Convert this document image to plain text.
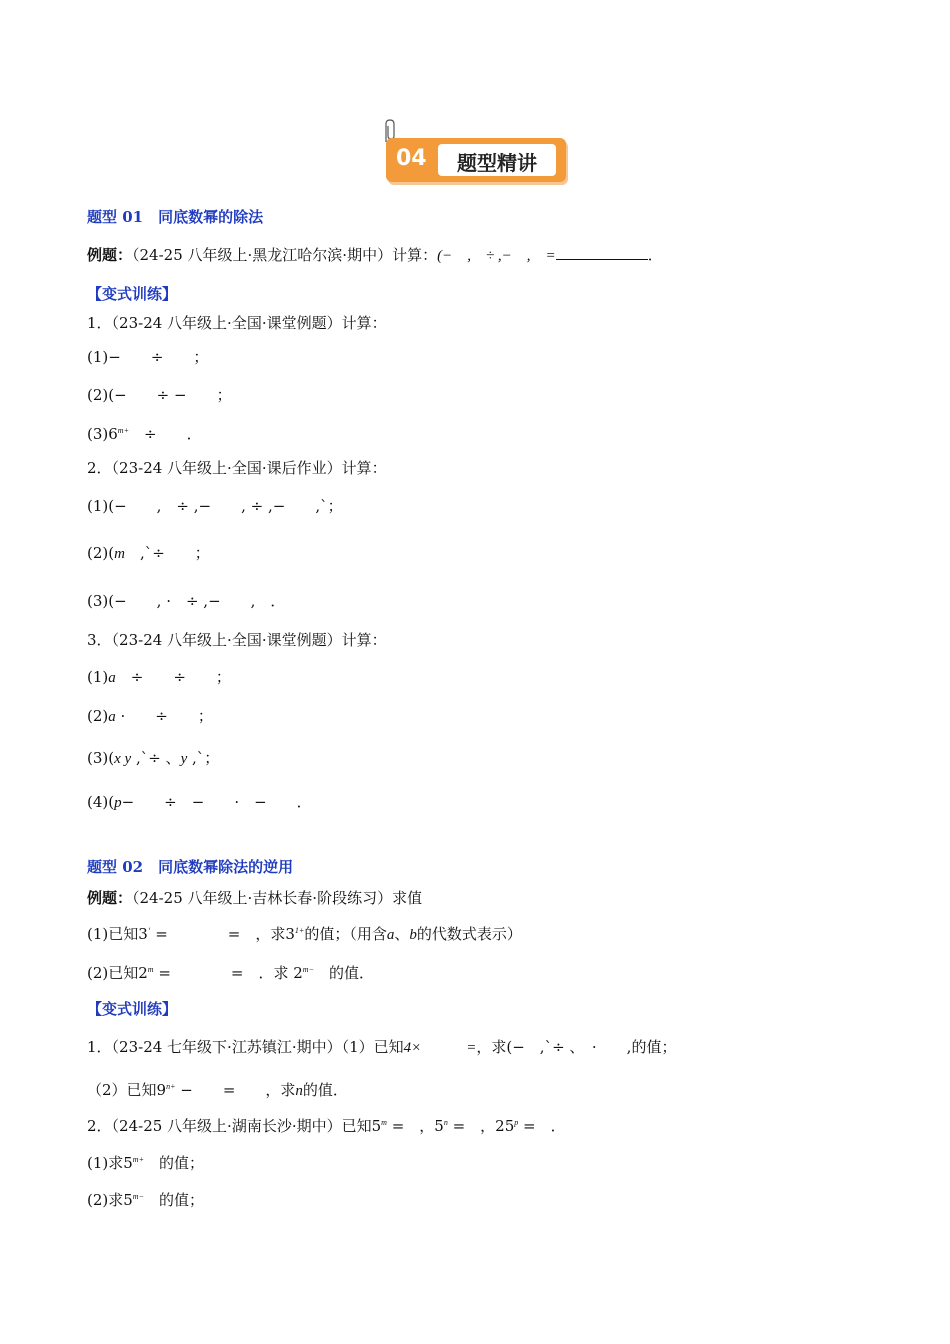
04	题型精讲
题型 01　同底数幂的除法
例题：（24-25 八年级上·黑龙江哈尔滨·期中）计算：(−　,　÷ ,−　,　=	．
【变式训练】
1．（23-24 八年级上·全国·课堂例题）计算：
(1)−　　÷　　；
(2)(−　　÷ −　　；
$(3)6^{m+}$　 ÷　　．
2．（23-24 八年级上·全国·课后作业）计算：
(1)(−　　,　÷ ,−　　, ÷ ,−　　,`；
(2)(m　,`÷　　；
(3)(−　　, ·　÷ ,−　　,　．
3．（23-24 八年级上·全国·课堂例题）计算：
(1)a　÷　　÷　　；
(2)a ·　　÷　　；
(3)(x y ,`÷ 、y ,`；
(4)(p−　　÷　−　　·　−　　．
题型 02　同底数幂除法的逆用
例题：（24-25 八年级上·吉林长春·阶段练习）求值
(1)已知$3^ʻ$ =　　　　=　，求$3^{1+}$的值；（用含a、b的代数式表示）
(2)已知$2^m$ =　　　　=　．求 $2^{m-}$　的值．
【变式训练】
1．（23-24 七年级下·江苏镇江·期中）（1）已知4×　　　=，求(−　,`÷ 、　·　　,的值；
（2）已知$9^{n+}$ −　　=　　，求n的值．
2．（24-25 八年级上·湖南长沙·期中）已知$5^m$ =　，$5^n$ =　，$25^p$ =　．
(1)求$5^{m+}$　的值；
(2)求$5^{m-}$　的值；
